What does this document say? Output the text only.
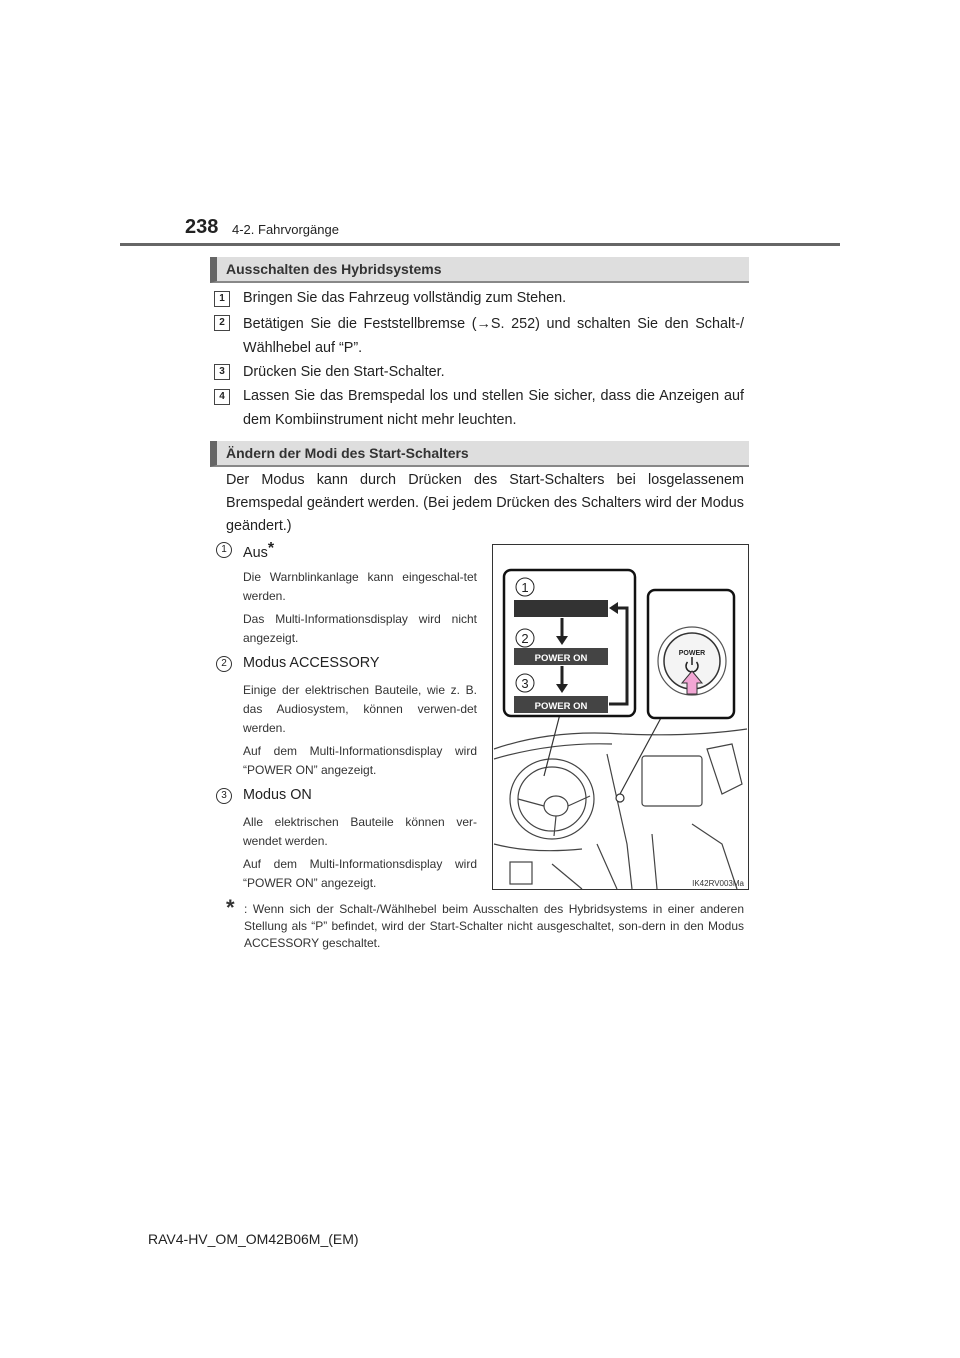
238 4-2. Fahrvorgänge
Ausschalten des Hybridsystems
1	Bringen Sie das Fahrzeug vollständig zum Stehen.
2	Betätigen Sie die Feststellbremse (→S. 252) und schalten Sie den Schalt-/ Wählhebel auf “P”.
3	Drücken Sie den Start-Schalter.
4	Lassen Sie das Bremspedal los und stellen Sie sicher, dass die Anzeigen auf dem Kombiinstrument nicht mehr leuchten.
Ändern der Modi des Start-Schalters
Der Modus kann durch Drücken des Start-Schalters bei losgelassenem Bremspedal geändert werden. (Bei jedem Drücken des Schalters wird der Modus geändert.)
1	Aus*
Die Warnblinkanlage kann eingeschal-tet werden.
Das Multi-Informationsdisplay wird nicht angezeigt.
2	Modus ACCESSORY
Einige der elektrischen Bauteile, wie z. B. das Audiosystem, können verwen-det werden.
Auf dem Multi-Informationsdisplay wird “POWER ON” angezeigt.
3	Modus ON
Alle elektrischen Bauteile können ver-wendet werden.
Auf dem Multi-Informationsdisplay wird “POWER ON” angezeigt.
1
2
POWER ON
3
POWER ON
POWER
IK42RV003Ma
* : Wenn sich der Schalt-/Wählhebel beim Ausschalten des Hybridsystems in einer anderen Stellung als “P” befindet, wird der Start-Schalter nicht ausgeschaltet, son-dern in den Modus ACCESSORY geschaltet.
RAV4-HV_OM_OM42B06M_(EM)
